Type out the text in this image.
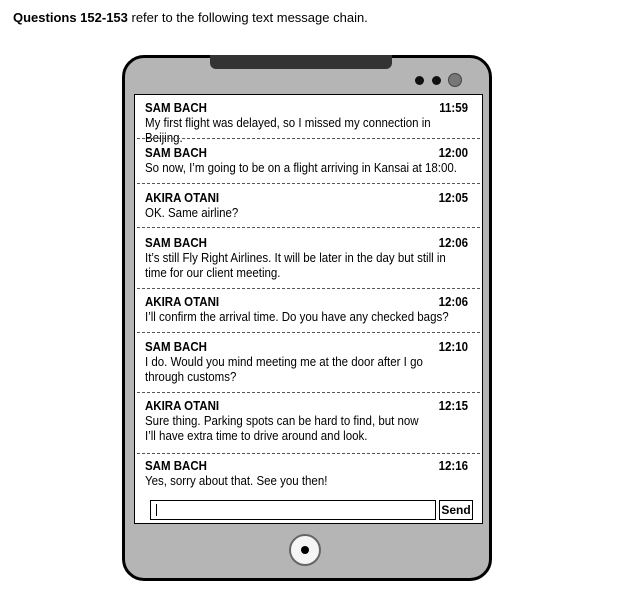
Questions 152-153 refer to the following text message chain.
SAM BACH	11:59
My first flight was delayed, so I missed my connection in Beijing.
SAM BACH	12:00
So now, I’m going to be on a flight arriving in Kansai at 18:00.
AKIRA OTANI	12:05
OK. Same airline?
SAM BACH	12:06
It’s still Fly Right Airlines. It will be later in the day but still in
time for our client meeting.
AKIRA OTANI	12:06
I’ll confirm the arrival time. Do you have any checked bags?
SAM BACH	12:10
I do. Would you mind meeting me at the door after I go
through customs?
AKIRA OTANI	12:15
Sure thing. Parking spots can be hard to find, but now
I’ll have extra time to drive around and look.
SAM BACH	12:16
Yes, sorry about that. See you then!
Send
